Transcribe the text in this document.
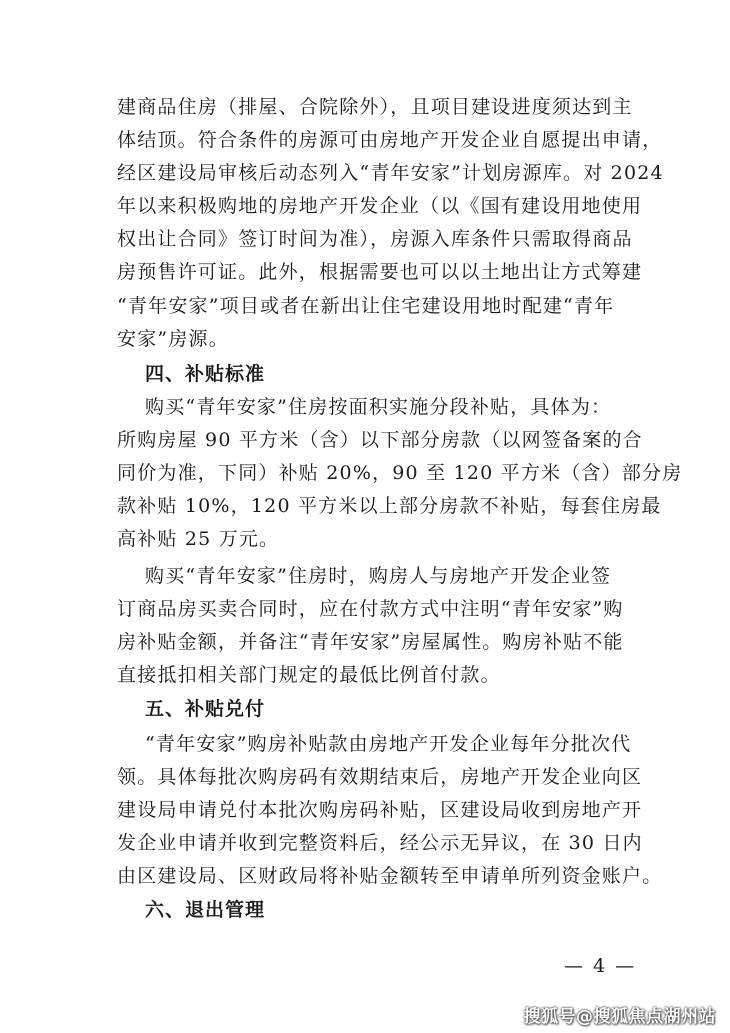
建商品住房（排屋、合院除外），且项目建设进度须达到主
体结顶。符合条件的房源可由房地产开发企业自愿提出申请，
经区建设局审核后动态列入“青年安家”计划房源库。对 2024
年以来积极购地的房地产开发企业（以《国有建设用地使用
权出让合同》签订时间为准），房源入库条件只需取得商品
房预售许可证。此外，根据需要也可以以土地出让方式筹建
“青年安家”项目或者在新出让住宅建设用地时配建“青年
安家”房源。
四、补贴标准
购买“青年安家”住房按面积实施分段补贴，具体为：
所购房屋 90 平方米（含）以下部分房款（以网签备案的合
同价为准，下同）补贴 20%，90 至 120 平方米（含）部分房
款补贴 10%，120 平方米以上部分房款不补贴，每套住房最
高补贴 25 万元。
购买“青年安家”住房时，购房人与房地产开发企业签
订商品房买卖合同时，应在付款方式中注明“青年安家”购
房补贴金额，并备注“青年安家”房屋属性。购房补贴不能
直接抵扣相关部门规定的最低比例首付款。
五、补贴兑付
“青年安家”购房补贴款由房地产开发企业每年分批次代
领。具体每批次购房码有效期结束后，房地产开发企业向区
建设局申请兑付本批次购房码补贴，区建设局收到房地产开
发企业申请并收到完整资料后，经公示无异议，在 30 日内
由区建设局、区财政局将补贴金额转至申请单所列资金账户。
六、退出管理
— 4 —
搜狐号@搜狐焦点湖州站
